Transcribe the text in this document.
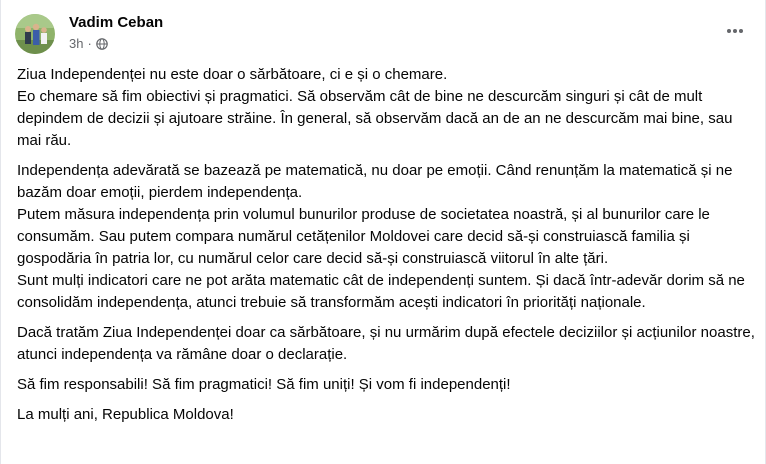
Vadim Ceban
3h ·

Ziua Independenței nu este doar o sărbătoare, ci e și o chemare.
Eo chemare să fim obiectivi și pragmatici. Să observăm cât de bine ne descurcăm singuri și cât de mult depindem de decizii și ajutoare străine. În general, să observăm dacă an de an ne descurcăm mai bine, sau mai rău.

Independența adevărată se bazează pe matematică, nu doar pe emoții. Când renunțăm la matematică și ne bazăm doar emoții, pierdem independența.
Putem măsura independența prin volumul bunurilor produse de societatea noastră, și al bunurilor care le consumăm. Sau putem compara numărul cetățenilor Moldovei care decid să-și construiască familia și gospodăria în patria lor, cu numărul celor care decid să-și construiască viitorul în alte țări.
Sunt mulți indicatori care ne pot arăta matematic cât de independenți suntem. Și dacă într-adevăr dorim să ne consolidăm independența, atunci trebuie să transformăm acești indicatori în priorități naționale.

Dacă tratăm Ziua Independenței doar ca sărbătoare, și nu urmărim după efectele deciziilor și acțiunilor noastre, atunci independența va rămâne doar o declarație.

Să fim responsabili! Să fim pragmatici! Să fim uniți! Și vom fi independenți!

La mulți ani, Republica Moldova!
